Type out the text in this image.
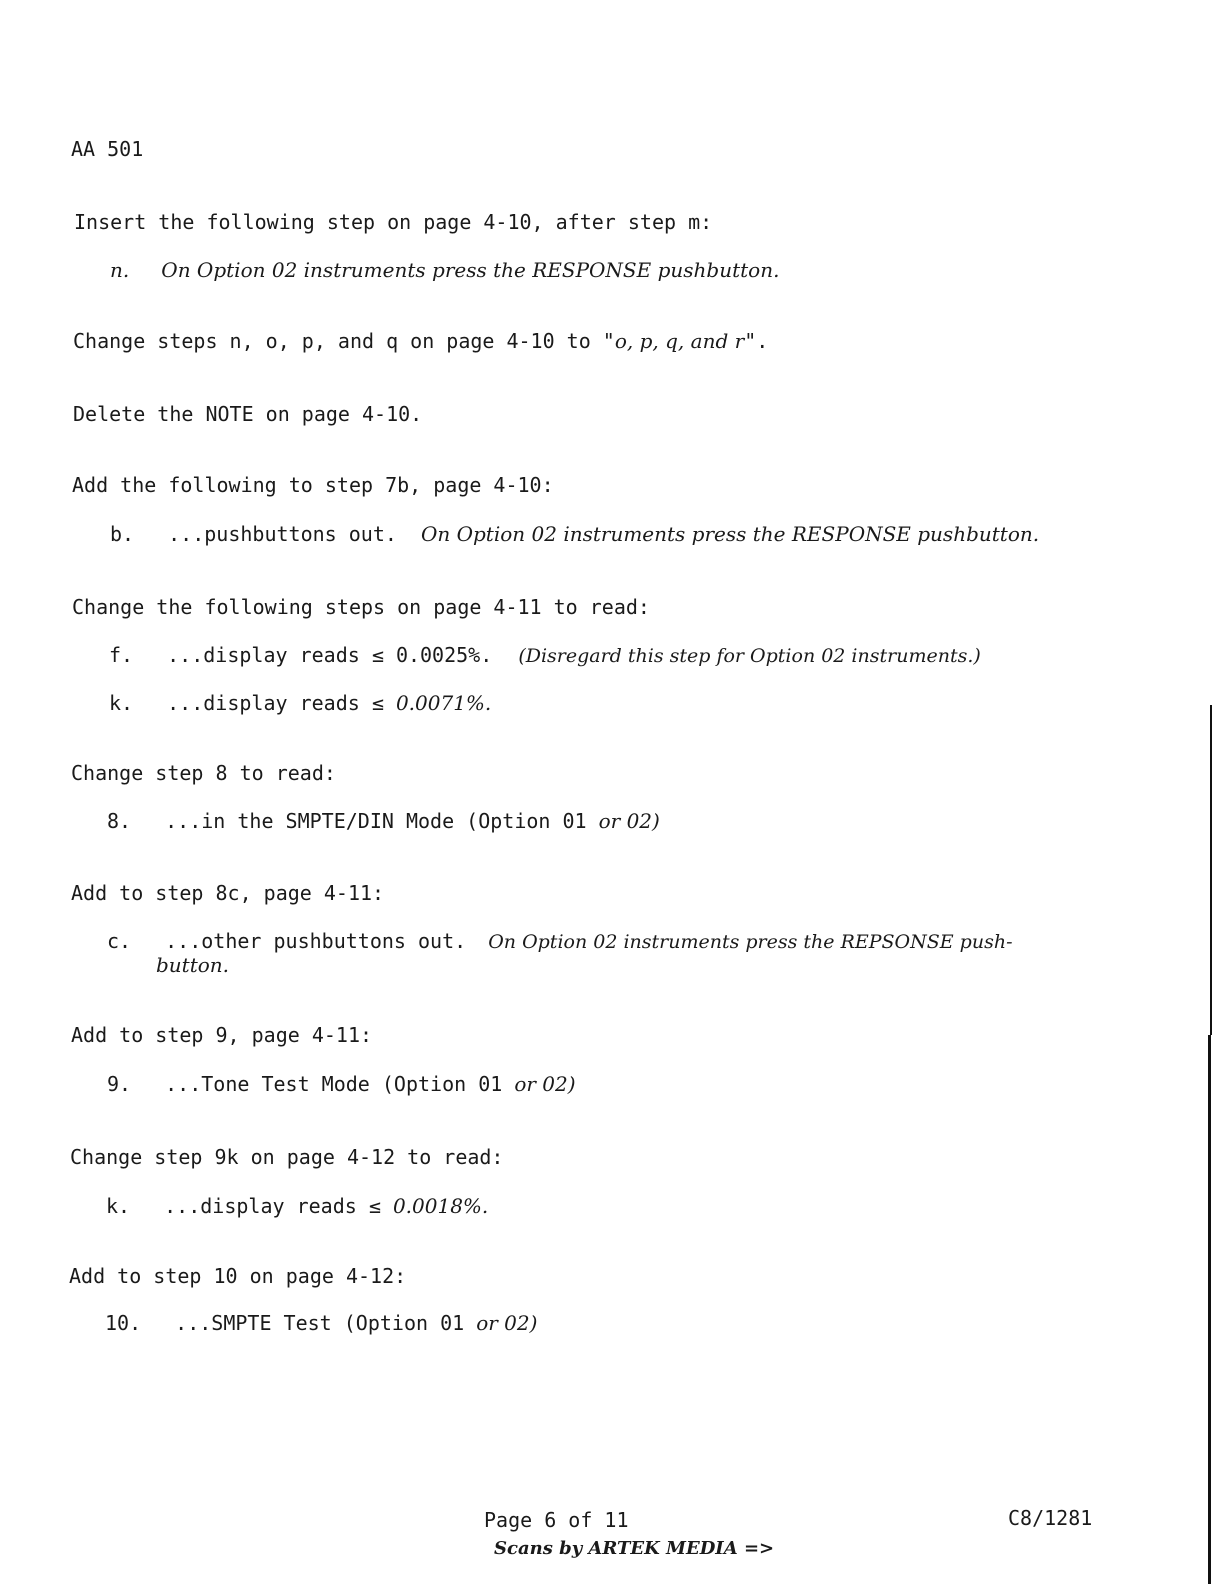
AA 501
Insert the following step on page 4-10, after step m:
n. On Option 02 instruments press the RESPONSE pushbutton.
Change steps n, o, p, and q on page 4-10 to "o, p, q, and r".
Delete the NOTE on page 4-10.
Add the following to step 7b, page 4-10:
b. ...pushbuttons out. On Option 02 instruments press the RESPONSE pushbutton.
Change the following steps on page 4-11 to read:
f. ...display reads ≤ 0.0025%. (Disregard this step for Option 02 instruments.)
k. ...display reads ≤ 0.0071%.
Change step 8 to read:
8. ...in the SMPTE/DIN Mode (Option 01 or 02)
Add to step 8c, page 4-11:
c. ...other pushbuttons out. On Option 02 instruments press the REPSONSE push-
button.
Add to step 9, page 4-11:
9. ...Tone Test Mode (Option 01 or 02)
Change step 9k on page 4-12 to read:
k. ...display reads ≤ 0.0018%.
Add to step 10 on page 4-12:
10. ...SMPTE Test (Option 01 or 02)
Page 6 of 11	C8/1281
Scans by ARTEK MEDIA =>
